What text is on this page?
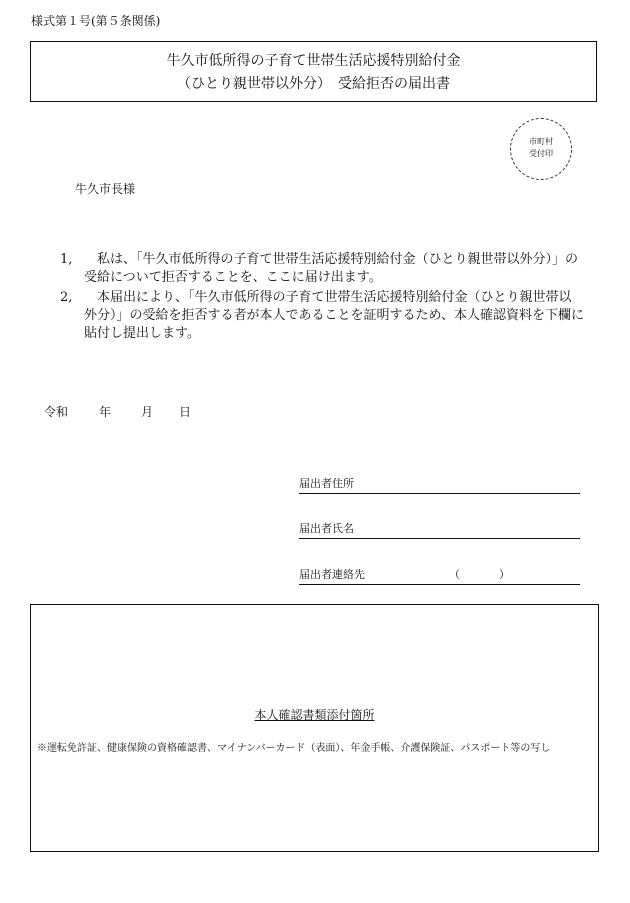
様式第１号(第５条関係)
牛久市低所得の子育て世帯生活応援特別給付金
（ひとり親世帯以外分）　受給拒否の届出書
市町村
受付印
牛久市長様
1, 　私は、「牛久市低所得の子育て世帯生活応援特別給付金（ひとり親世帯以外分）」の受給について拒否することを、ここに届け出ます。
2, 　本届出により、「牛久市低所得の子育て世帯生活応援特別給付金（ひとり親世帯以外分）」の受給を拒否する者が本人であることを証明するため、本人確認資料を下欄に貼付し提出します。
令和	年 月 日
届出者住所
届出者氏名
届出者連絡先	（	）
本人確認書類添付箇所
※運転免許証、健康保険の資格確認書、マイナンバーカード（表面）、年金手帳、介護保険証、パスポート等の写し
